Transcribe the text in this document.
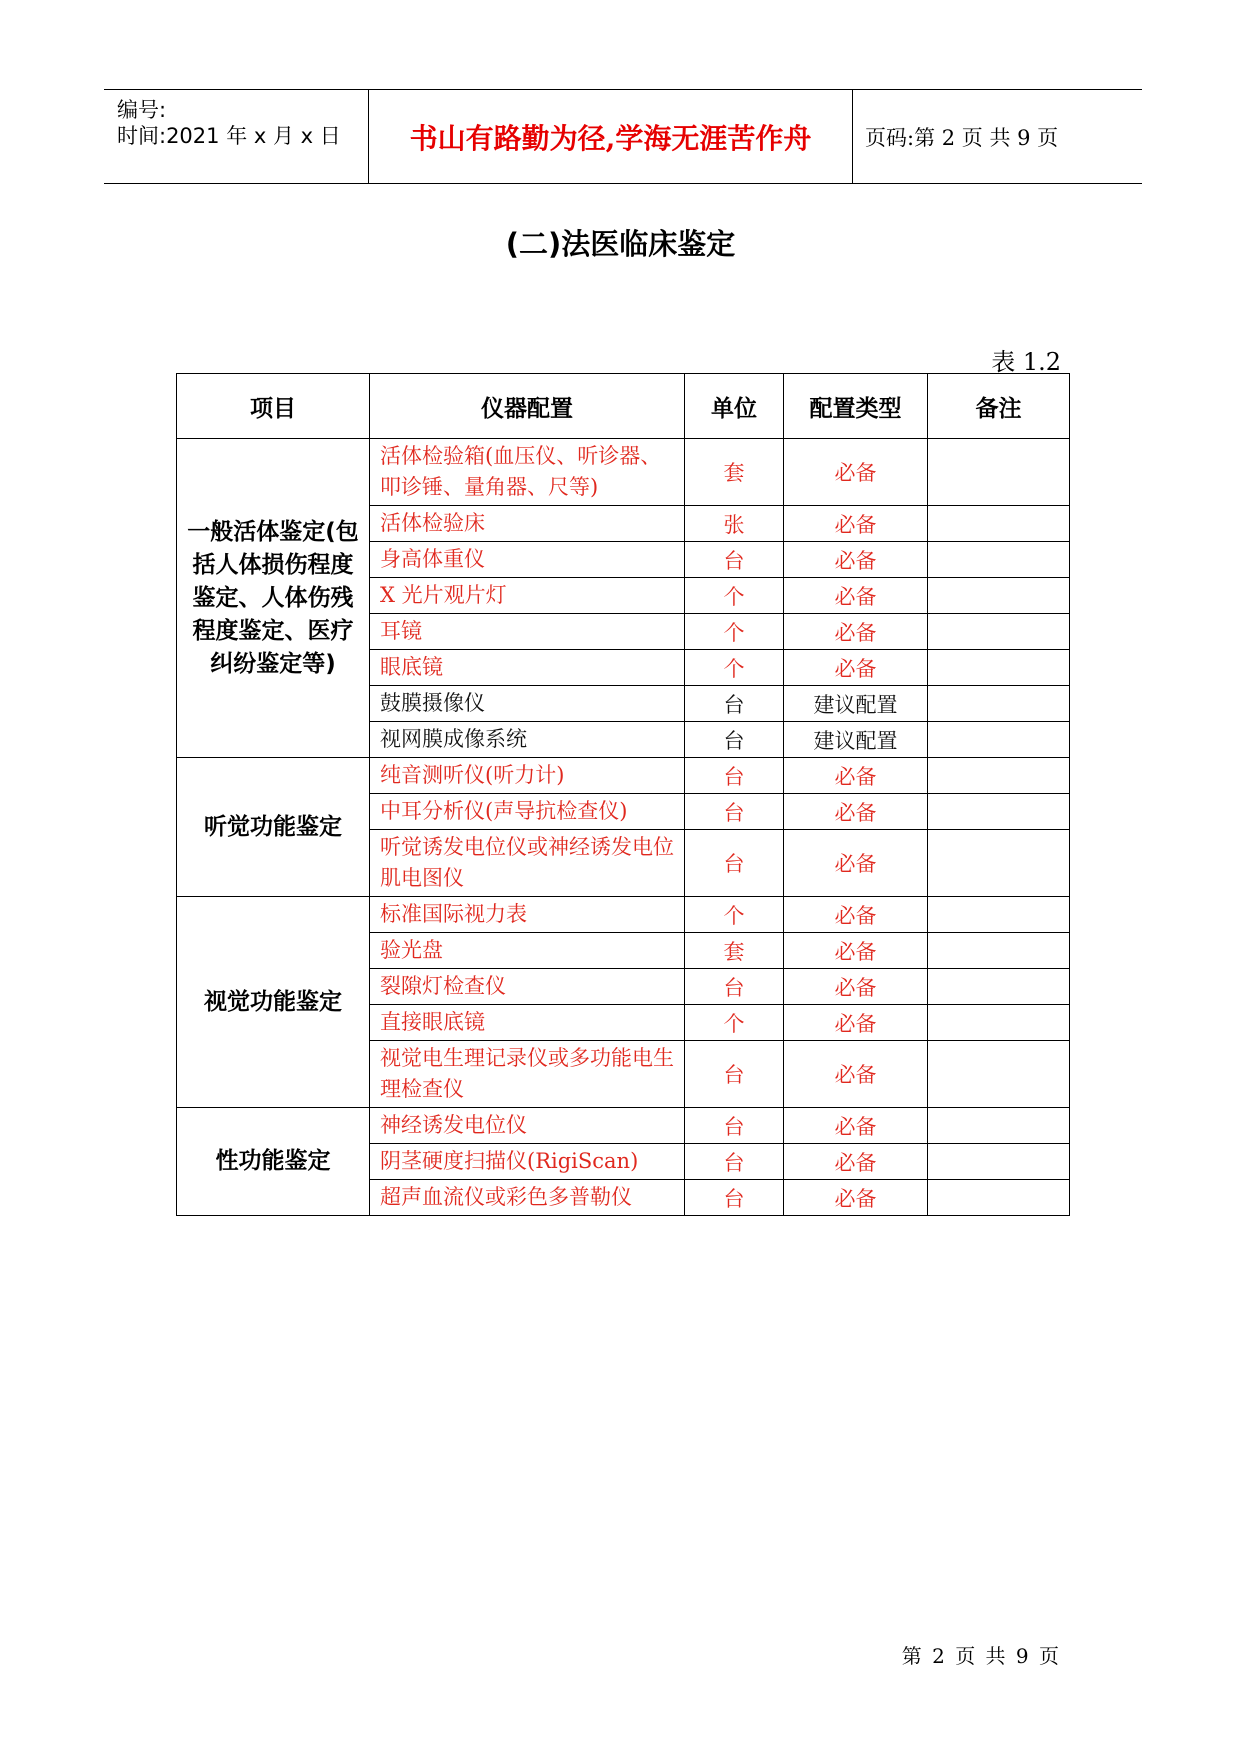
编号:
时间:2021 年 x 月 x 日	书山有路勤为径,学海无涯苦作舟	页码:第 2 页 共 9 页
(二)法医临床鉴定
表 1.2
项目	仪器配置	单位	配置类型	备注
一般活体鉴定(包括人体损伤程度鉴定、人体伤残程度鉴定、医疗纠纷鉴定等)	活体检验箱(血压仪、听诊器、叩诊锤、量角器、尺等)	套	必备	
	活体检验床	张	必备	
	身高体重仪	台	必备	
	X 光片观片灯	个	必备	
	耳镜	个	必备	
	眼底镜	个	必备	
	鼓膜摄像仪	台	建议配置	
	视网膜成像系统	台	建议配置	
听觉功能鉴定	纯音测听仪(听力计)	台	必备	
	中耳分析仪(声导抗检查仪)	台	必备	
	听觉诱发电位仪或神经诱发电位肌电图仪	台	必备	
视觉功能鉴定	标准国际视力表	个	必备	
	验光盘	套	必备	
	裂隙灯检查仪	台	必备	
	直接眼底镜	个	必备	
	视觉电生理记录仪或多功能电生理检查仪	台	必备	
性功能鉴定	神经诱发电位仪	台	必备	
	阴茎硬度扫描仪(RigiScan)	台	必备	
	超声血流仪或彩色多普勒仪	台	必备	
第 2 页 共 9 页
